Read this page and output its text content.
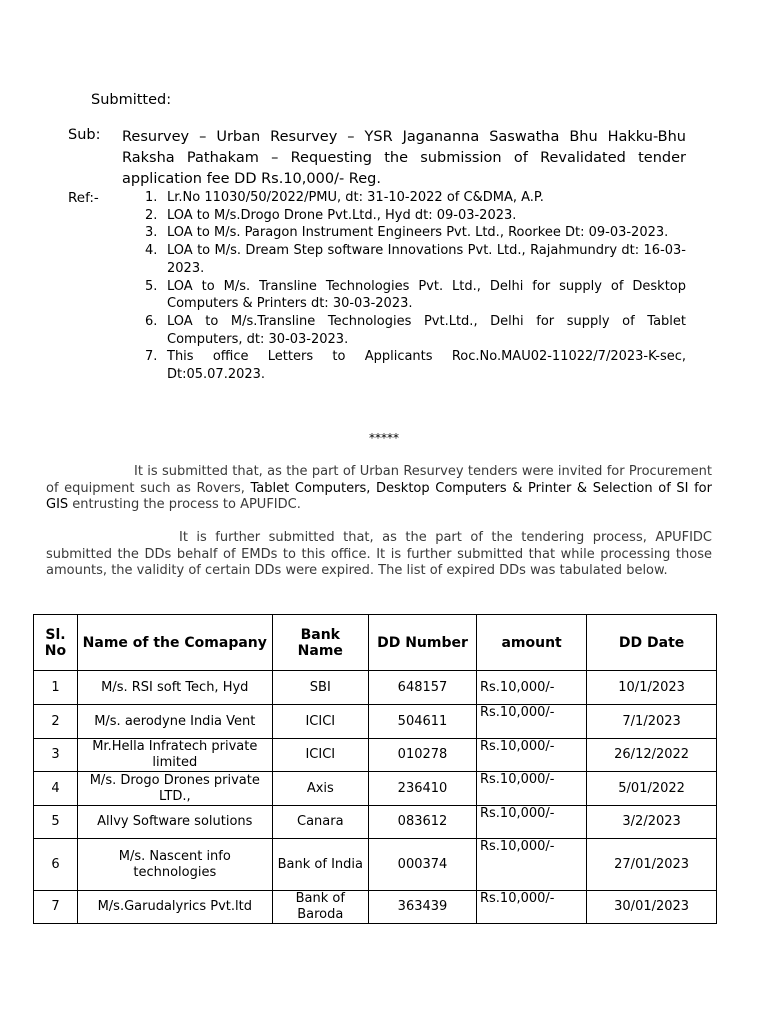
Submitted:
Sub: Resurvey – Urban Resurvey – YSR Jagananna Saswatha Bhu Hakku-Bhu Raksha Pathakam – Requesting the submission of Revalidated tender application fee DD Rs.10,000/- Reg.
Ref:-	1. Lr.No 11030/50/2022/PMU, dt: 31-10-2022 of C&DMA, A.P.
2. LOA to M/s.Drogo Drone Pvt.Ltd., Hyd dt: 09-03-2023.
3. LOA to M/s. Paragon Instrument Engineers Pvt. Ltd., Roorkee Dt: 09-03-2023.
4. LOA to M/s. Dream Step software Innovations Pvt. Ltd., Rajahmundry dt: 16-03-2023.
5. LOA to M/s. Transline Technologies Pvt. Ltd., Delhi for supply of Desktop Computers & Printers dt: 30-03-2023.
6. LOA to M/s.Transline Technologies Pvt.Ltd., Delhi for supply of Tablet Computers, dt: 30-03-2023.
7. This office Letters to Applicants Roc.No.MAU02-11022/7/2023-K-sec, Dt:05.07.2023.
*****
It is submitted that, as the part of Urban Resurvey tenders were invited for Procurement of equipment such as Rovers, Tablet Computers, Desktop Computers & Printer & Selection of SI for GIS entrusting the process to APUFIDC.
It is further submitted that, as the part of the tendering process, APUFIDC submitted the DDs behalf of EMDs to this office. It is further submitted that while processing those amounts, the validity of certain DDs were expired. The list of expired DDs was tabulated below.
Sl. No	Name of the Comapany	Bank Name	DD Number	amount	DD Date
1	M/s. RSI soft Tech, Hyd	SBI	648157	Rs.10,000/-	10/1/2023
2	M/s. aerodyne India Vent	ICICI	504611	Rs.10,000/-	7/1/2023
3	Mr.Hella Infratech private limited	ICICI	010278	Rs.10,000/-	26/12/2022
4	M/s. Drogo Drones private LTD.,	Axis	236410	Rs.10,000/-	5/01/2022
5	Allvy Software solutions	Canara	083612	Rs.10,000/-	3/2/2023
6	M/s. Nascent info technologies	Bank of India	000374	Rs.10,000/-	27/01/2023
7	M/s.Garudalyrics Pvt.ltd	Bank of Baroda	363439	Rs.10,000/-	30/01/2023
